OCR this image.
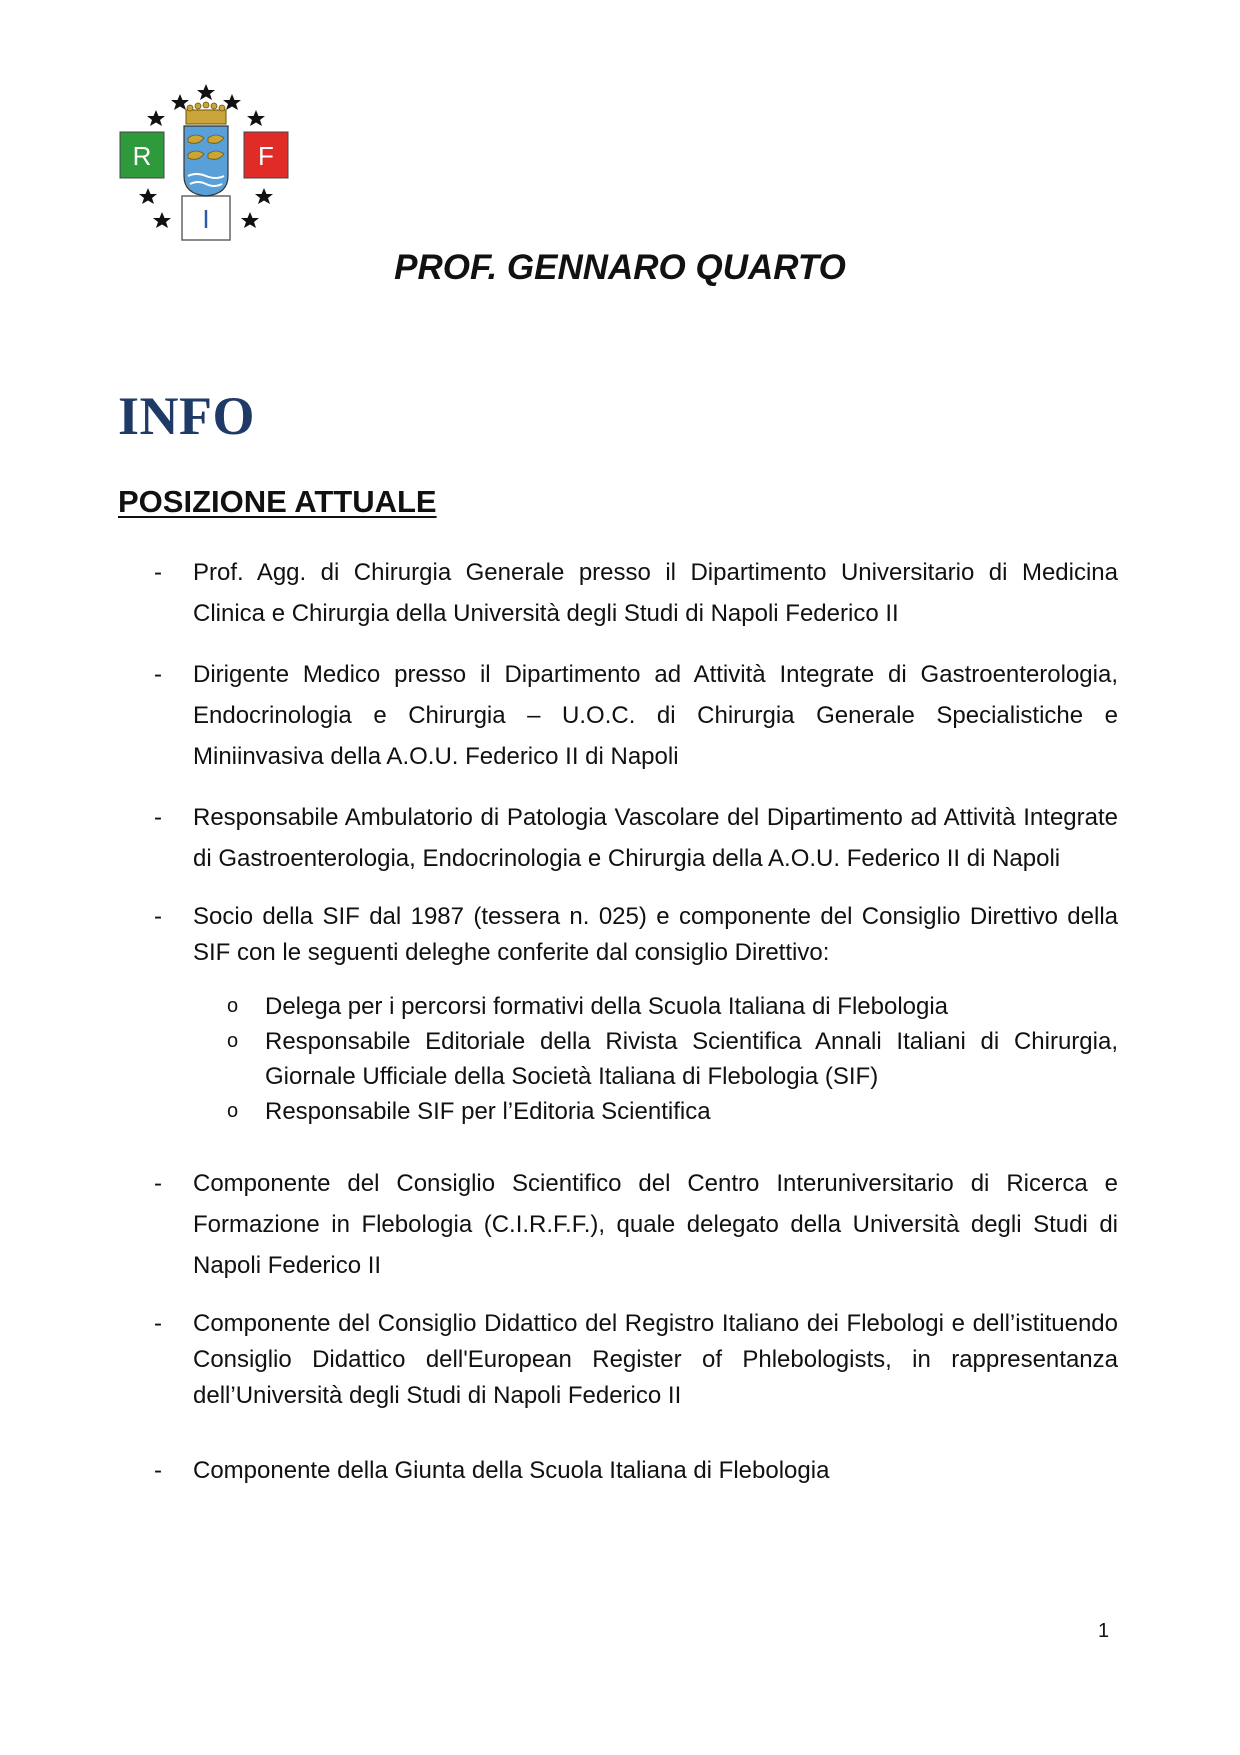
R	F
I
PROF. GENNARO QUARTO
INFO
POSIZIONE ATTUALE
- Prof. Agg. di Chirurgia Generale presso il Dipartimento Universitario di Medicina Clinica e Chirurgia della Università degli Studi di Napoli Federico II
- Dirigente Medico presso il Dipartimento ad Attività Integrate di Gastroenterologia, Endocrinologia e Chirurgia – U.O.C. di Chirurgia Generale Specialistiche e Miniinvasiva della A.O.U. Federico II di Napoli
- Responsabile Ambulatorio di Patologia Vascolare del Dipartimento ad Attività Integrate di Gastroenterologia, Endocrinologia e Chirurgia della A.O.U. Federico II di Napoli
- Socio della SIF dal 1987 (tessera n. 025) e componente del Consiglio Direttivo della SIF con le seguenti deleghe conferite dal consiglio Direttivo:
o Delega per i percorsi formativi della Scuola Italiana di Flebologia
o Responsabile Editoriale della Rivista Scientifica Annali Italiani di Chirurgia, Giornale Ufficiale della Società Italiana di Flebologia (SIF)
o Responsabile SIF per l’Editoria Scientifica
- Componente del Consiglio Scientifico del Centro Interuniversitario di Ricerca e Formazione in Flebologia (C.I.R.F.F.), quale delegato della Università degli Studi di Napoli Federico II
- Componente del Consiglio Didattico del Registro Italiano dei Flebologi e dell’istituendo Consiglio Didattico dell'European Register of Phlebologists, in rappresentanza dell’Università degli Studi di Napoli Federico II
- Componente della Giunta della Scuola Italiana di Flebologia
1
